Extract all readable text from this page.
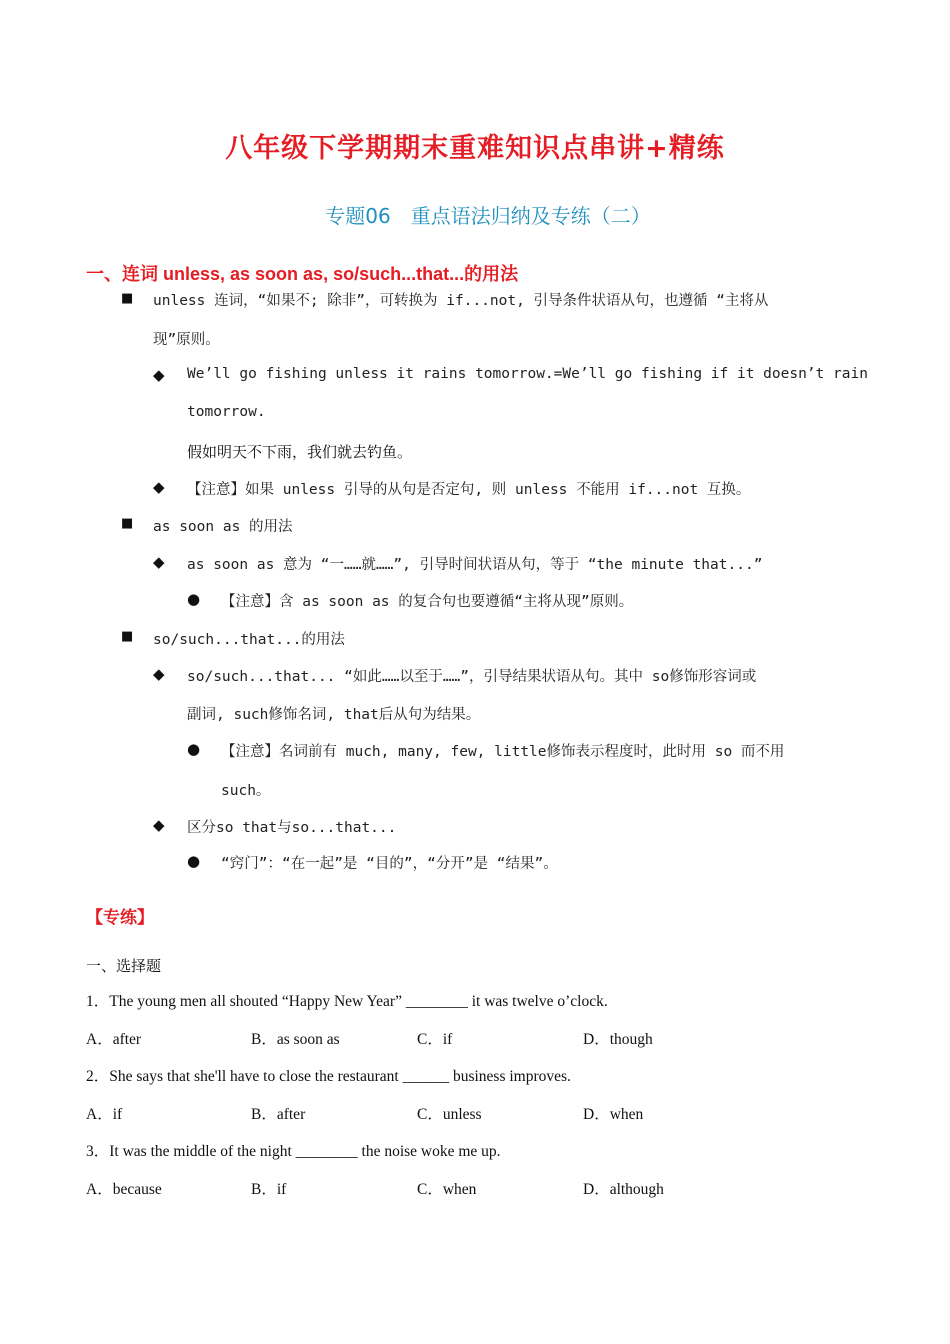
八年级下学期期末重难知识点串讲+精练
专题06　重点语法归纳及专练（二）
一、连词 unless, as soon as, so/such...that...的用法
■ unless 连词，“如果不; 除非”，可转换为 if...not, 引导条件状语从句，也遵循 “主将从
现”原则。
◆ We’ll go fishing unless it rains tomorrow.=We’ll go fishing if it doesn’t rain
tomorrow.
假如明天不下雨，我们就去钓鱼。
◆ 【注意】如果 unless 引导的从句是否定句, 则 unless 不能用 if...not 互换。
■ as soon as 的用法
◆ as soon as 意为 “一……就……”, 引导时间状语从句，等于 “the minute that...”
● 【注意】含 as soon as 的复合句也要遵循“主将从现”原则。
■ so/such...that...的用法
◆ so/such...that... “如此……以至于……”，引导结果状语从句。其中 so修饰形容词或
副词, such修饰名词, that后从句为结果。
● 【注意】名词前有 much, many, few, little修饰表示程度时，此时用 so 而不用
such。
◆ 区分so that与so...that...
● “窍门”：“在一起”是 “目的”，“分开”是 “结果”。
【专练】
一、选择题
1．The young men all shouted “Happy New Year” ________ it was twelve o’clock.
A．after	B．as soon as	C．if	D．though
2．She says that she'll have to close the restaurant ______ business improves.
A．if	B．after	C．unless	D．when
3．It was the middle of the night ________ the noise woke me up.
A．because	B．if	C．when	D．although
